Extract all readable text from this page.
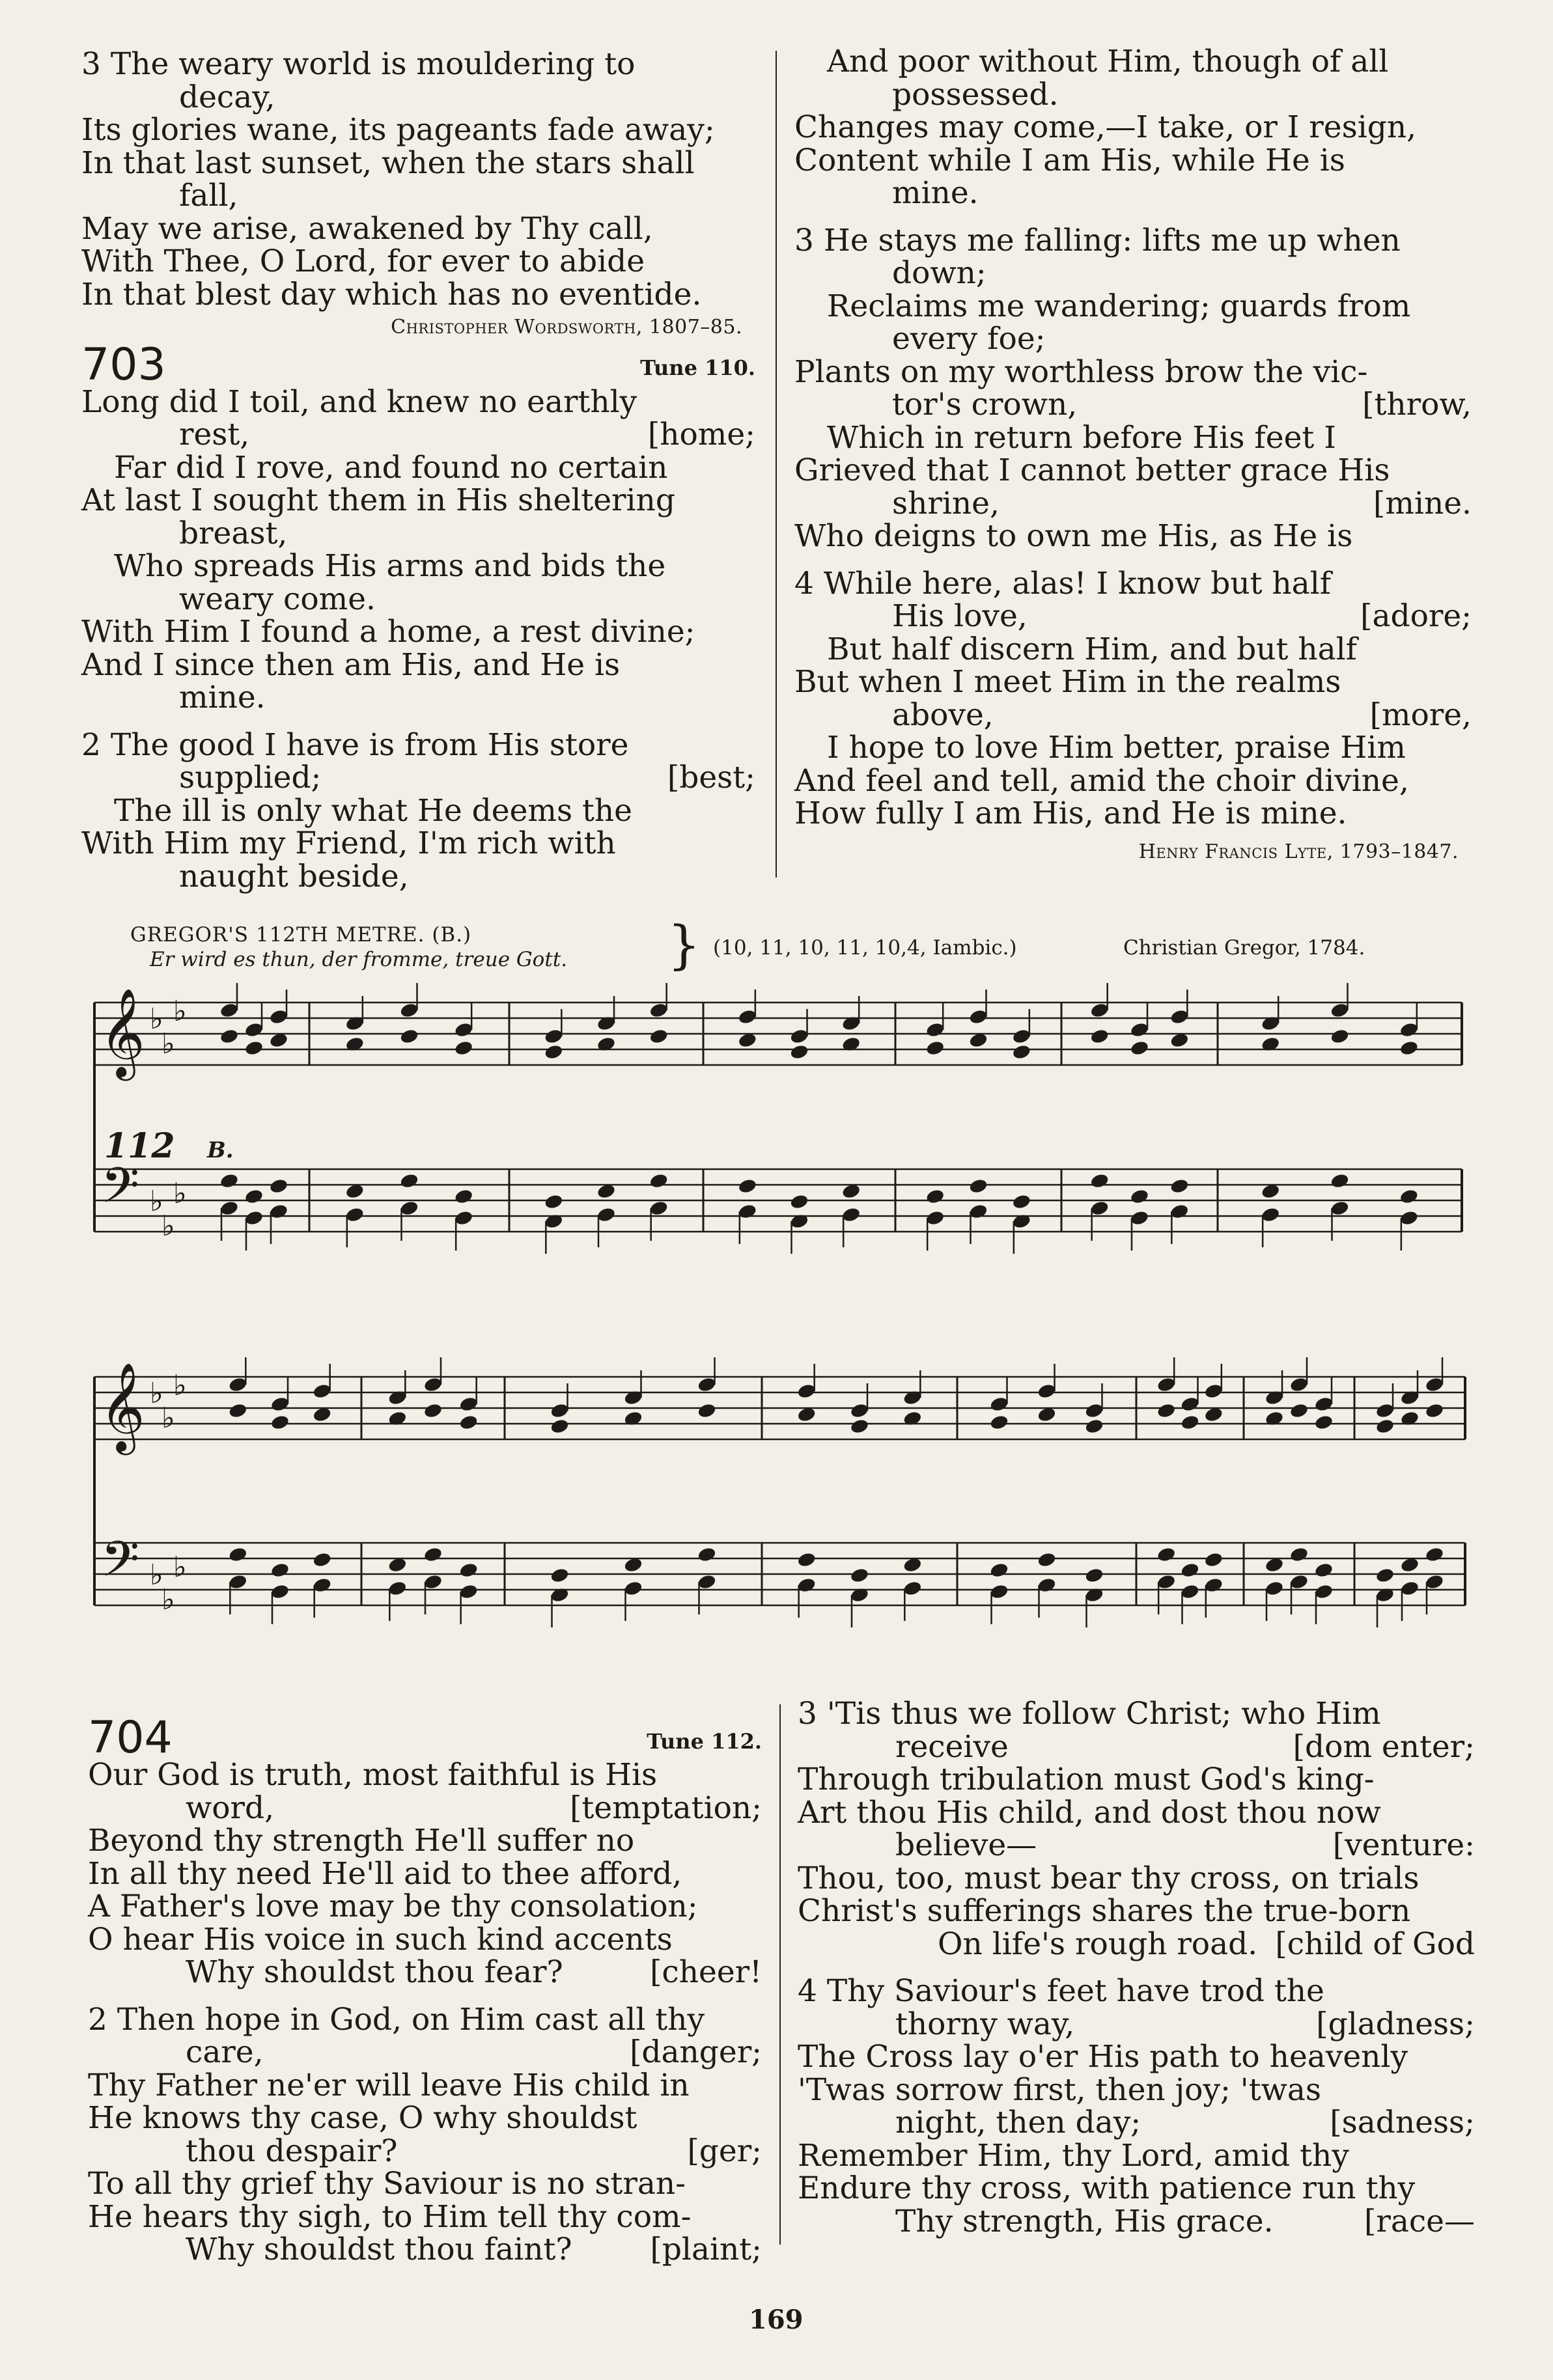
3 The weary world is mouldering to
decay,
Its glories wane, its pageants fade away;
In that last sunset, when the stars shall
fall,
May we arise, awakened by Thy call,
With Thee, O Lord, for ever to abide
In that blest day which has no eventide.
Christopher Wordsworth, 1807–85.
703	Tune 110.
Long did I toil, and knew no earthly
rest,	[home;
Far did I rove, and found no certain
At last I sought them in His sheltering
breast,
Who spreads His arms and bids the
weary come.
With Him I found a home, a rest divine;
And I since then am His, and He is
mine.
2 The good I have is from His store
supplied;	[best;
The ill is only what He deems the
With Him my Friend, I'm rich with
naught beside,
And poor without Him, though of all
possessed.
Changes may come,—I take, or I resign,
Content while I am His, while He is
mine.
3 He stays me falling: lifts me up when
down;
Reclaims me wandering; guards from
every foe;
Plants on my worthless brow the vic-
tor's crown,	[throw,
Which in return before His feet I
Grieved that I cannot better grace His
shrine,	[mine.
Who deigns to own me His, as He is
4 While here, alas! I know but half
His love,	[adore;
But half discern Him, and but half
But when I meet Him in the realms
above,	[more,
I hope to love Him better, praise Him
And feel and tell, amid the choir divine,
How fully I am His, and He is mine.
Henry Francis Lyte, 1793–1847.
GREGOR'S 112TH METRE. (B.)
Er wird es thun, der fromme, treue Gott. } (10, 11, 10, 11, 10,4, Iambic.)	Christian Gregor, 1784.
𝄞
𝄢
♭
♭
♭
♭
♭
♭
𝄞
𝄢
♭
♭
♭
♭
♭
♭
112 B.
704	Tune 112.
Our God is truth, most faithful is His
word,	[temptation;
Beyond thy strength He'll suffer no
In all thy need He'll aid to thee afford,
A Father's love may be thy consolation;
O hear His voice in such kind accents
Why shouldst thou fear?	[cheer!
2 Then hope in God, on Him cast all thy
care,	[danger;
Thy Father ne'er will leave His child in
He knows thy case, O why shouldst
thou despair?	[ger;
To all thy grief thy Saviour is no stran-
He hears thy sigh, to Him tell thy com-
Why shouldst thou faint?	[plaint;
3 'Tis thus we follow Christ; who Him
receive	[dom enter;
Through tribulation must God's king-
Art thou His child, and dost thou now
believe—	[venture:
Thou, too, must bear thy cross, on trials
Christ's sufferings shares the true-born
On life's rough road. [child of God
4 Thy Saviour's feet have trod the
thorny way,	[gladness;
The Cross lay o'er His path to heavenly
'Twas sorrow first, then joy; 'twas
night, then day;	[sadness;
Remember Him, thy Lord, amid thy
Endure thy cross, with patience run thy
Thy strength, His grace.	[race—
169
